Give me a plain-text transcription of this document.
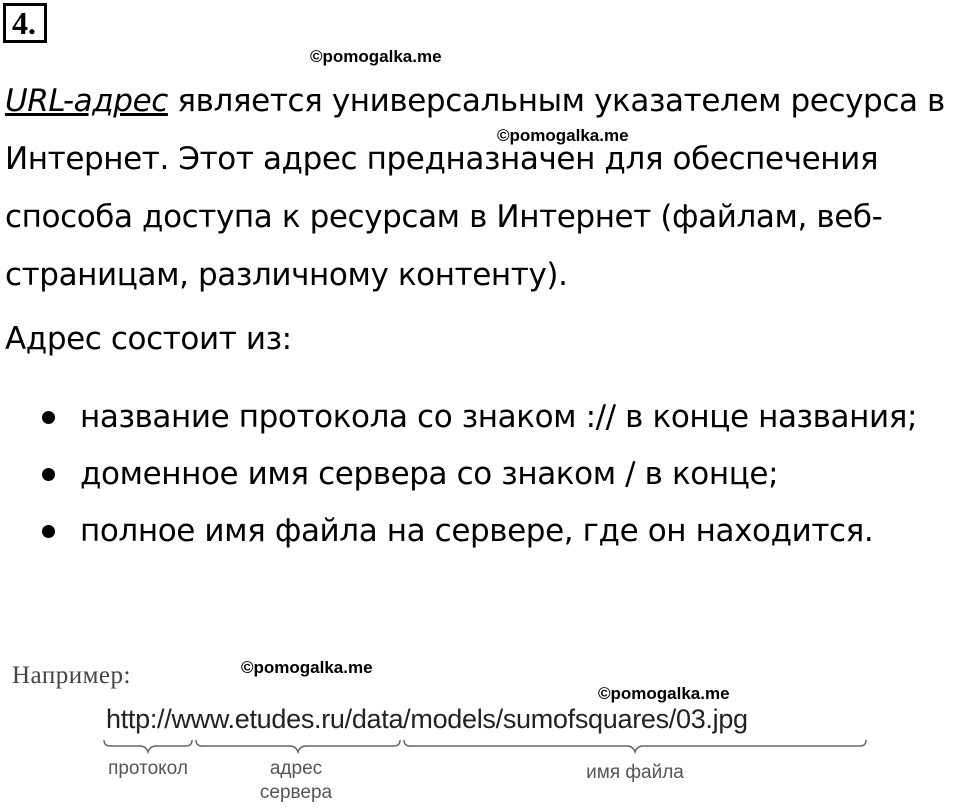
4.
©pomogalka.me
©pomogalka.me
URL-адрес является универсальным указателем ресурса в
Интернет. Этот адрес предназначен для обеспечения
способа доступа к ресурсам в Интернет (файлам, веб-
страницам, различному контенту).
Адрес состоит из:
название протокола со знаком :// в конце названия;
доменное имя сервера со знаком / в конце;
полное имя файла на сервере, где он находится.
Например:	©pomogalka.me
©pomogalka.me
http://www.etudes.ru/data/models/sumofsquares/03.jpg
протокол	адрес
сервера
имя файла
